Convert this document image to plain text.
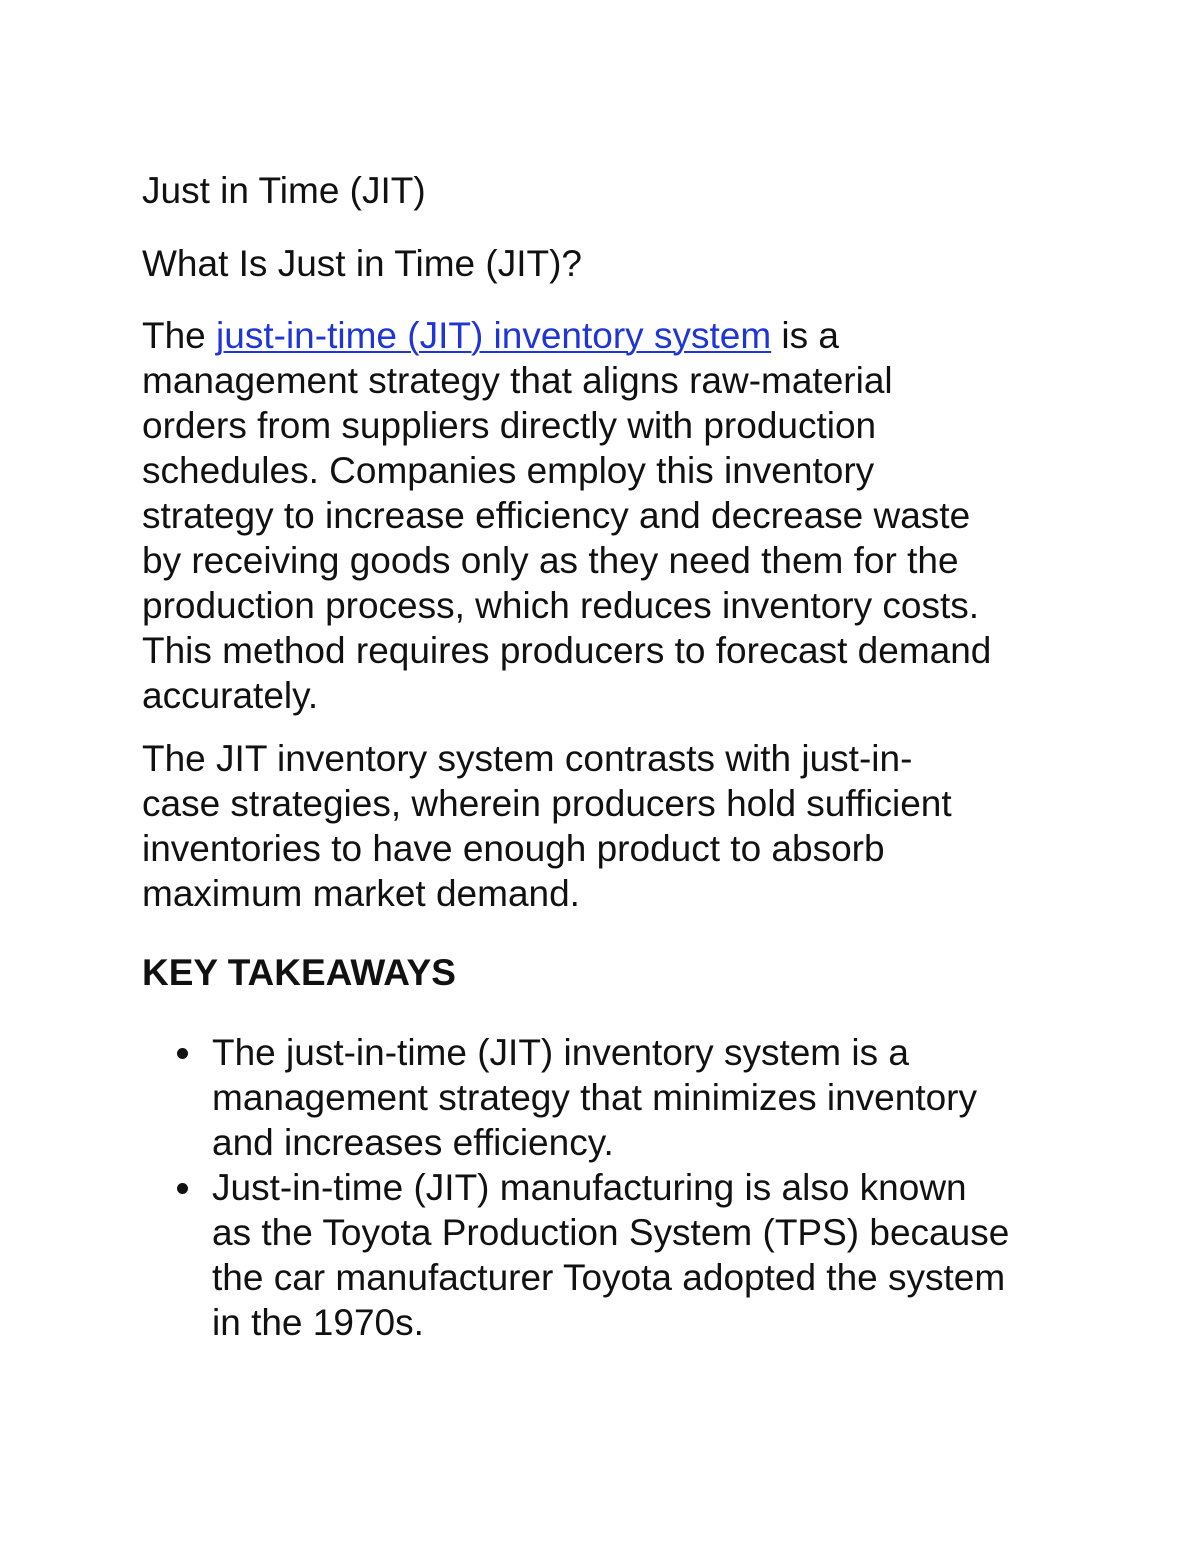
Just in Time (JIT)

What Is Just in Time (JIT)?

The just-in-time (JIT) inventory system is a

management strategy that aligns raw-material

orders from suppliers directly with production

schedules. Companies employ this inventory

strategy to increase efficiency and decrease waste

by receiving goods only as they need them for the

production process, which reduces inventory costs.

This method requires producers to forecast demand

accurately.

The JIT inventory system contrasts with just-in-

case strategies, wherein producers hold sufficient

inventories to have enough product to absorb

maximum market demand.

KEY TAKEAWAYS

The just-in-time (JIT) inventory system is a
management strategy that minimizes inventory
and increases efficiency.
Just-in-time (JIT) manufacturing is also known
as the Toyota Production System (TPS) because
the car manufacturer Toyota adopted the system
in the 1970s.
